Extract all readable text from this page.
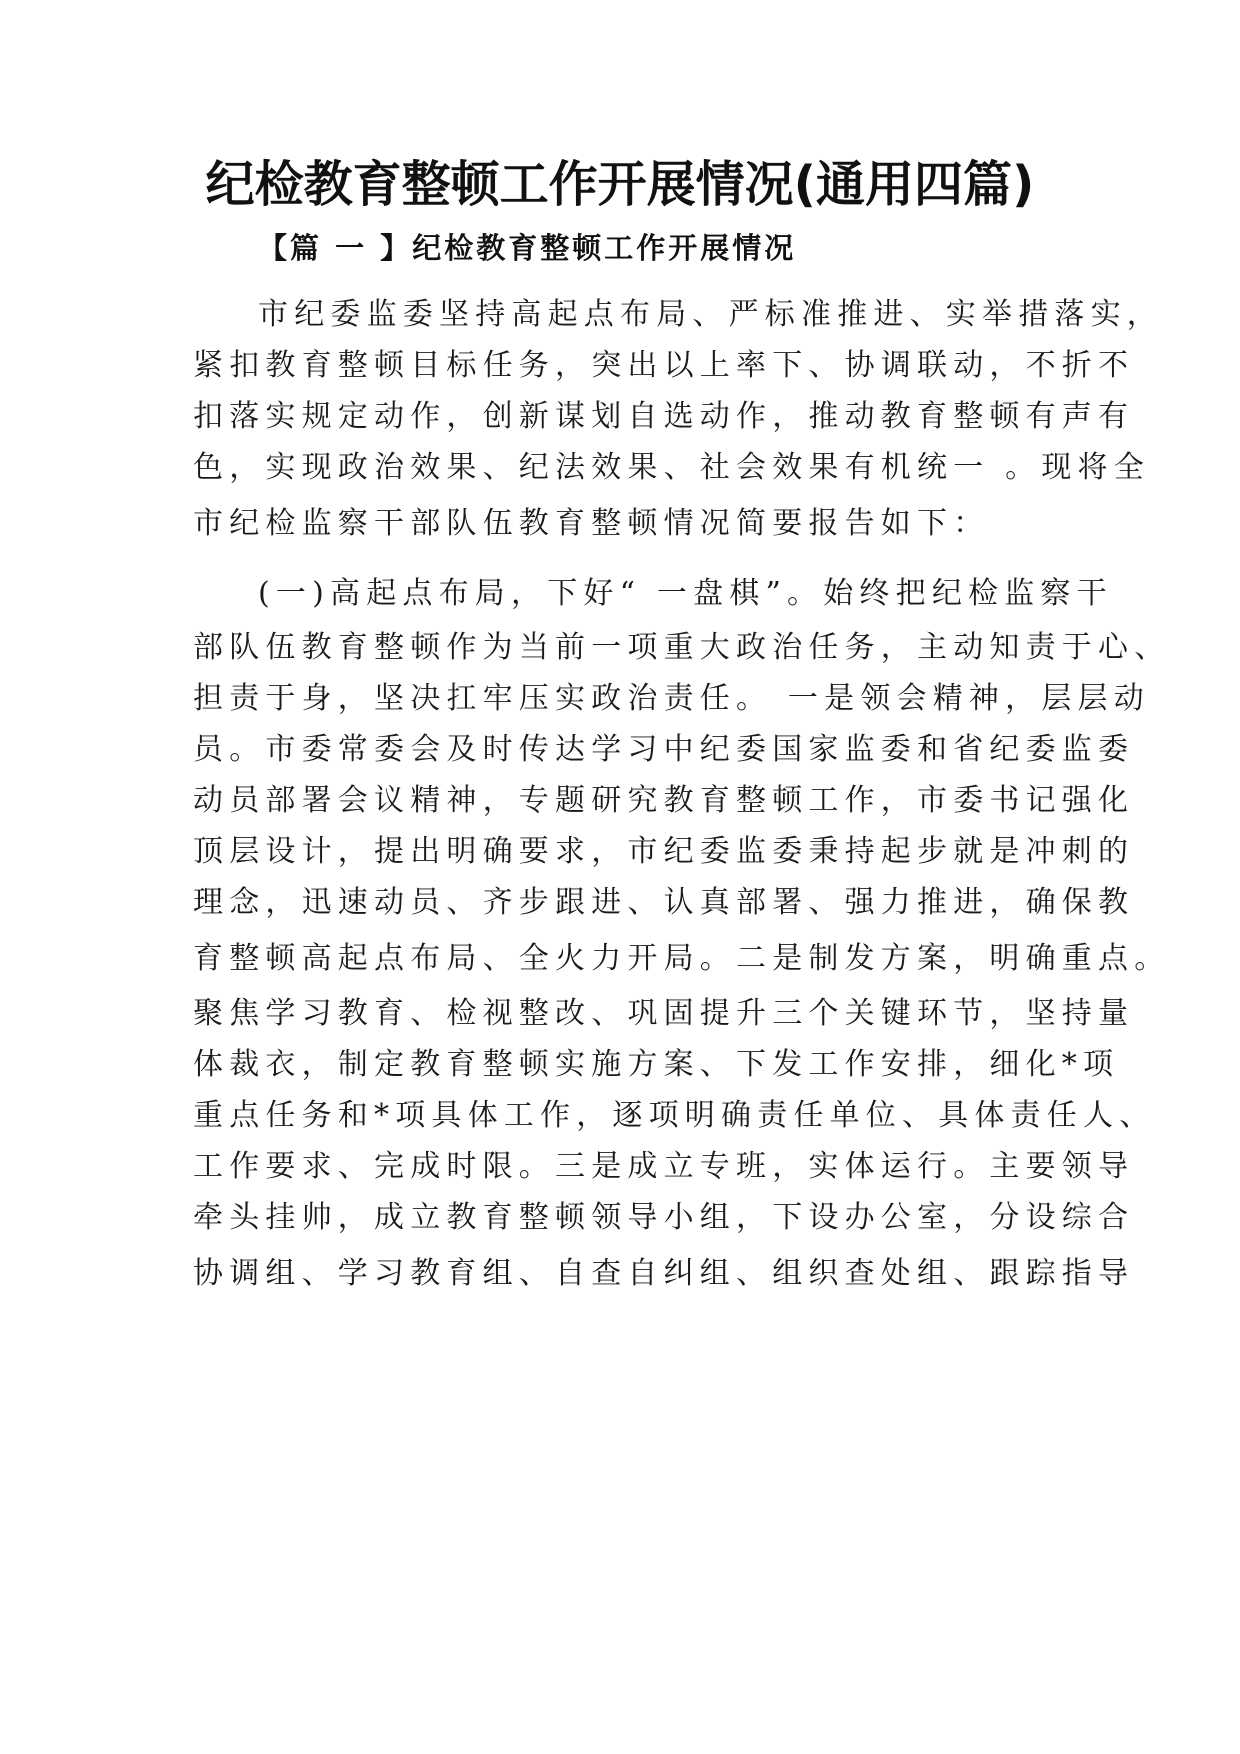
纪检教育整顿工作开展情况(通用四篇)
【篇 一 】纪检教育整顿工作开展情况

市纪委监委坚持高起点布局、严标准推进、实举措落实，

紧扣教育整顿目标任务，突出以上率下、协调联动，不折不

扣落实规定动作，创新谋划自选动作，推动教育整顿有声有

色，实现政治效果、纪法效果、社会效果有机统一 。现将全

市纪检监察干部队伍教育整顿情况简要报告如下：

(一)高起点布局，下好“ 一盘棋”。始终把纪检监察干

部队伍教育整顿作为当前一项重大政治任务，主动知责于心、

担责于身，坚决扛牢压实政治责任。 一是领会精神，层层动

员。市委常委会及时传达学习中纪委国家监委和省纪委监委

动员部署会议精神，专题研究教育整顿工作，市委书记强化

顶层设计，提出明确要求，市纪委监委秉持起步就是冲刺的

理念，迅速动员、齐步跟进、认真部署、强力推进，确保教

育整顿高起点布局、全火力开局。二是制发方案，明确重点。

聚焦学习教育、检视整改、巩固提升三个关键环节，坚持量

体裁衣，制定教育整顿实施方案、下发工作安排，细化*项

重点任务和*项具体工作，逐项明确责任单位、具体责任人、

工作要求、完成时限。三是成立专班，实体运行。主要领导

牵头挂帅，成立教育整顿领导小组，下设办公室，分设综合

协调组、学习教育组、自查自纠组、组织查处组、跟踪指导
